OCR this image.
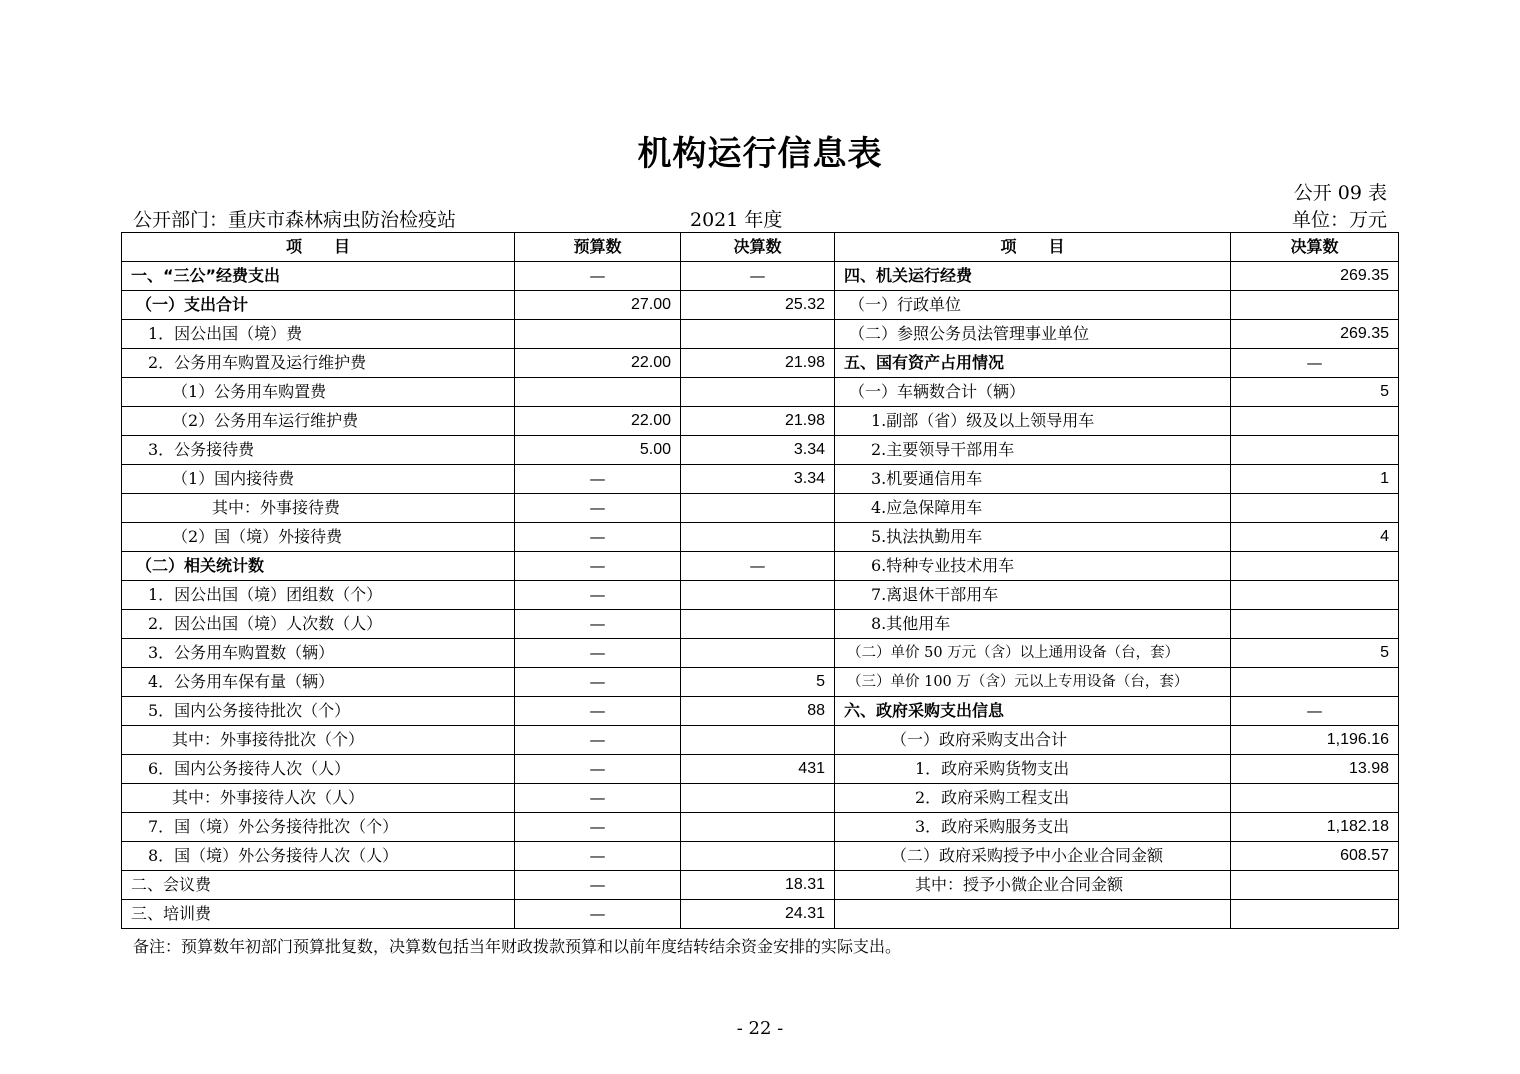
机构运行信息表
公开 09 表
公开部门：重庆市森林病虫防治检疫站	2021 年度	单位：万元
项　　目	预算数	决算数	项　　目	决算数
一、“三公”经费支出	—	—	四、机关运行经费	269.35
（一）支出合计	27.00	25.32	（一）行政单位	
1．因公出国（境）费			（二）参照公务员法管理事业单位	269.35
2．公务用车购置及运行维护费	22.00	21.98	五、国有资产占用情况	—
（1）公务用车购置费			（一）车辆数合计（辆）	5
（2）公务用车运行维护费	22.00	21.98	1.副部（省）级及以上领导用车	
3．公务接待费	5.00	3.34	2.主要领导干部用车	
（1）国内接待费	—	3.34	3.机要通信用车	1
其中：外事接待费	—		4.应急保障用车	
（2）国（境）外接待费	—		5.执法执勤用车	4
（二）相关统计数	—	—	6.特种专业技术用车	
1．因公出国（境）团组数（个）	—		7.离退休干部用车	
2．因公出国（境）人次数（人）	—		8.其他用车	
3．公务用车购置数（辆）	—		（二）单价 50 万元（含）以上通用设备（台，套）	5
4．公务用车保有量（辆）	—	5	（三）单价 100 万（含）元以上专用设备（台，套）	
5．国内公务接待批次（个）	—	88	六、政府采购支出信息	—
其中：外事接待批次（个）	—		（一）政府采购支出合计	1,196.16
6．国内公务接待人次（人）	—	431	1．政府采购货物支出	13.98
其中：外事接待人次（人）	—		2．政府采购工程支出	
7．国（境）外公务接待批次（个）	—		3．政府采购服务支出	1,182.18
8．国（境）外公务接待人次（人）	—		（二）政府采购授予中小企业合同金额	608.57
二、会议费	—	18.31	其中：授予小微企业合同金额	
三、培训费	—	24.31		
备注：预算数年初部门预算批复数，决算数包括当年财政拨款预算和以前年度结转结余资金安排的实际支出。
- 22 -
